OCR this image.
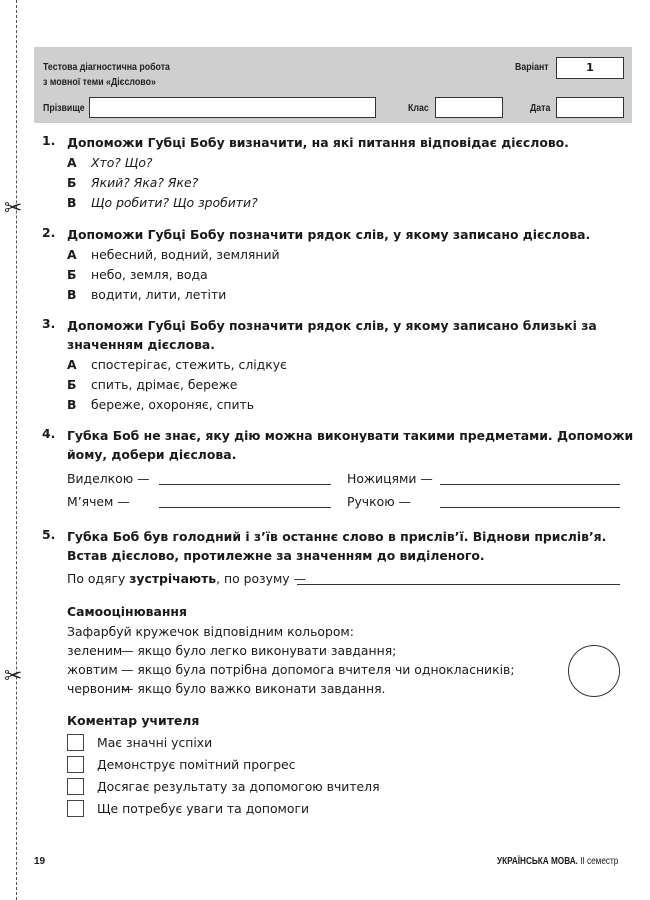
✂
✂
Тестова діагностична робота
з мовної теми «Дієслово»
Варіант	1
Прізвище	Клас	Дата
1. Допоможи Губці Бобу визначити, на які питання відповідає дієслово.
А	Хто? Що?
Б	Який? Яка? Яке?
В	Що робити? Що зробити?
2. Допоможи Губці Бобу позначити рядок слів, у якому записано дієслова.
А	небесний, водний, земляний
Б	небо, земля, вода
В	водити, лити, летіти
3. Допоможи Губці Бобу позначити рядок слів, у якому записано близькі за значенням дієслова.
А	спостерігає, стежить, слідкує
Б	спить, дрімає, береже
В	береже, охороняє, спить
4. Губка Боб не знає, яку дію можна виконувати такими предметами. Допоможи йому, добери дієслова.
Виделкою —	Ножицями —
М’ячем —	Ручкою —
5. Губка Боб був голодний і з’їв останнє слово в прислів’ї. Віднови прислів’я. Встав дієслово, протилежне за значенням до виділеного.
По одягу зустрічають, по розуму —
Самооцінювання
Зафарбуй кружечок відповідним кольором:
зеленим— якщо було легко виконувати завдання;
жовтим — якщо була потрібна допомога вчителя чи однокласників;
червоним— якщо було важко виконати завдання.
Коментар учителя
Має значні успіхи
Демонструє помітний прогрес
Досягає результату за допомогою вчителя
Ще потребує уваги та допомоги
19	УКРАЇНСЬКА МОВА. ІІ семестр
